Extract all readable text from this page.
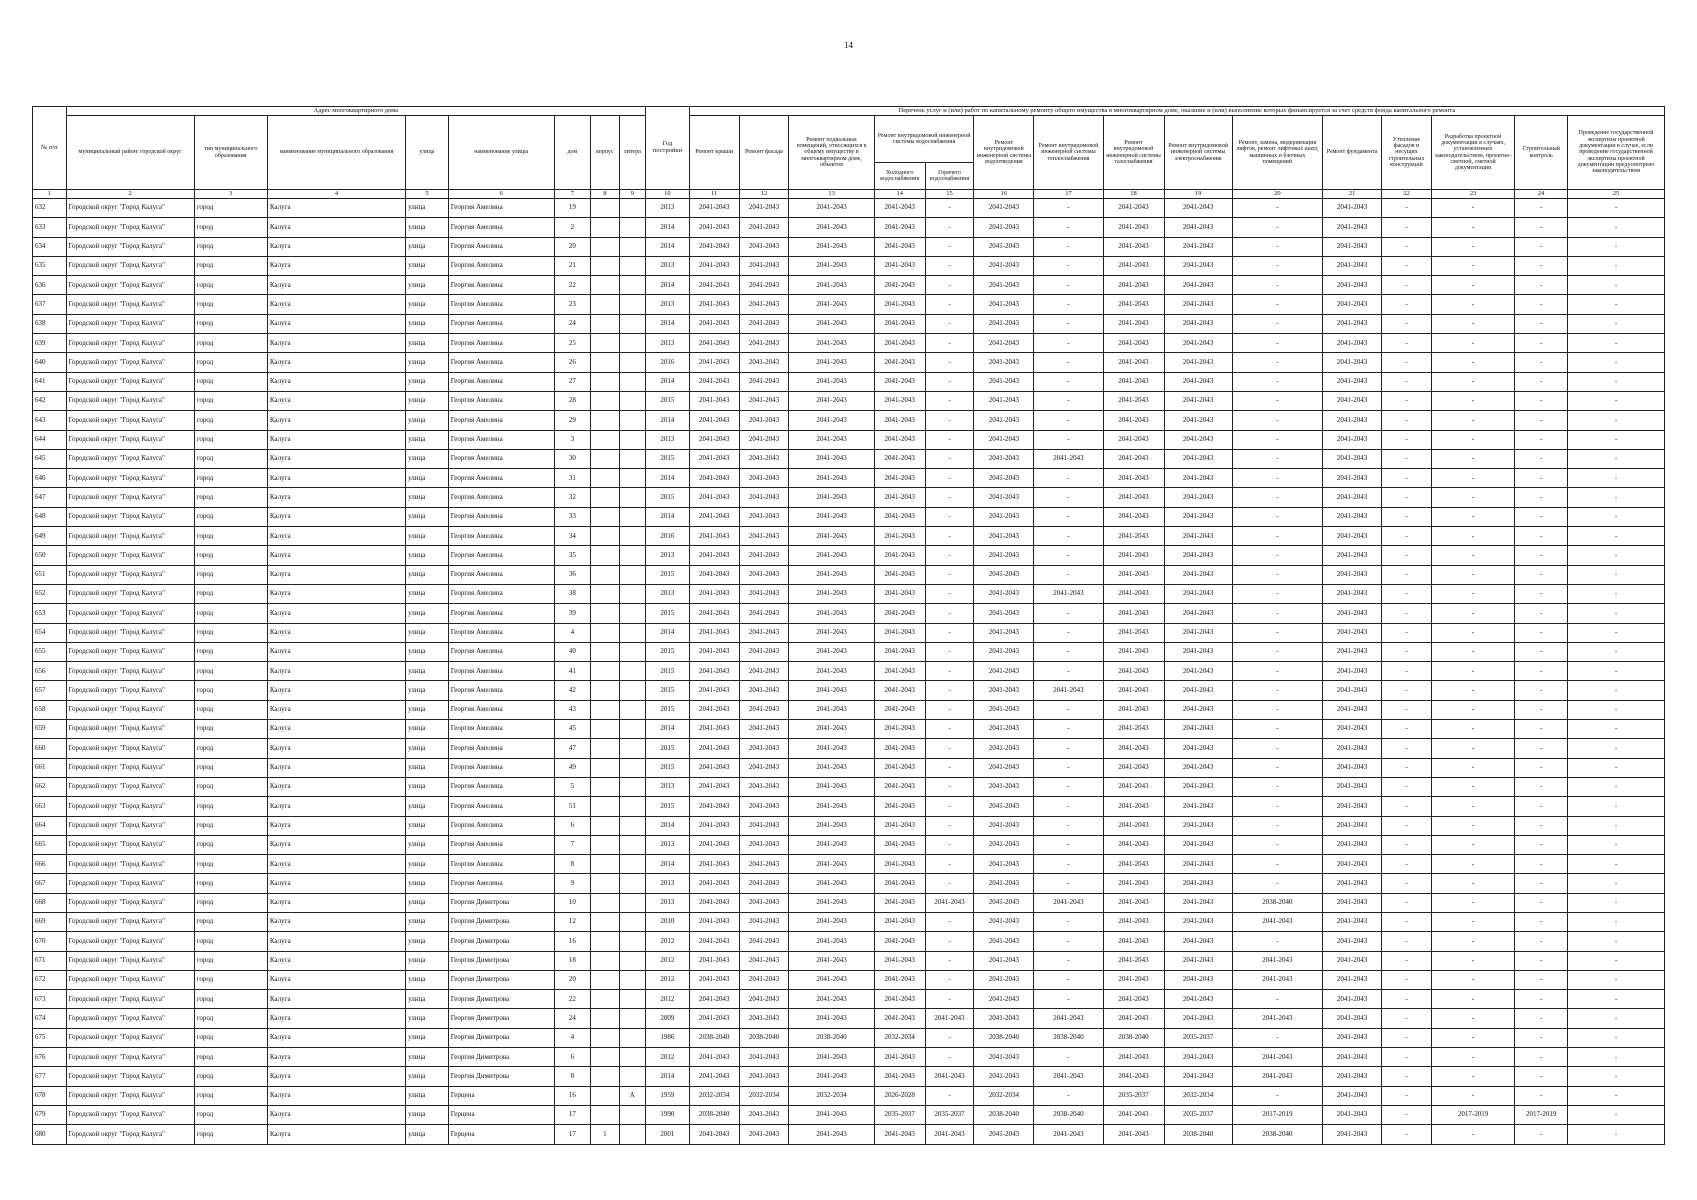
14
№ п/п	Адрес многоквартирного дома								Год постройки	Перечень услуг и (или) работ по капитальному ремонту общего имущества в многоквартирном доме, оказание и (или) выполнение которых финансируется за счет средств фонда капитального ремонта														
	муниципальный район/ городской округ	тип муниципального образования	наименование муниципального образования	улица	наименование улицы	дом	корпус	литера		Ремонт крыши	Ремонт фасада	Ремонт подвальных помещений, относящихся к общему имуществу в многоквартирном доме, объектов	Ремонт внутридомовой инженерной системы водоснабжения		Ремонт внутридомовой инженерной системы водоотведения	Ремонт внутридомовой инженерной системы теплоснабжения	Ремонт внутридомовой инженерной системы газоснабжения	Ремонт внутридомовой инженерной системы электроснабжения	Ремонт, замена, модернизация лифтов, ремонт лифтовых шахт, машинных и блочных помещений	Ремонт фундамента	Утепление фасадов и несущих строительных конструкций	Разработка проектной документации в случаях, установленных законодательством, проектно-сметной, сметной документации	Строительный контроль	Проведение государственной экспертизы проектной документации в случае, если проведение государственной экспертизы проектной документации предусмотрено законодательством
													Холодного водоснабжения	Горячего водоснабжения										
1	2	3	4	5	6	7	8	9	10	11	12	13	14	15	16	17	18	19	20	21	22	23	24	25
632	Городской округ "Город Калуга"	город	Калуга	улица	Георгия Амелина	19			2013	2041-2043	2041-2043	2041-2043	2041-2043	-	2041-2043	-	2041-2043	2041-2043	-	2041-2043	-	-	-	-
633	Городской округ "Город Калуга"	город	Калуга	улица	Георгия Амелина	2			2014	2041-2043	2041-2043	2041-2043	2041-2043	-	2041-2043	-	2041-2043	2041-2043	-	2041-2043	-	-	-	-
634	Городской округ "Город Калуга"	город	Калуга	улица	Георгия Амелина	20			2014	2041-2043	2041-2043	2041-2043	2041-2043	-	2041-2043	-	2041-2043	2041-2043	-	2041-2043	-	-	-	-
635	Городской округ "Город Калуга"	город	Калуга	улица	Георгия Амелина	21			2013	2041-2043	2041-2043	2041-2043	2041-2043	-	2041-2043	-	2041-2043	2041-2043	-	2041-2043	-	-	-	-
636	Городской округ "Город Калуга"	город	Калуга	улица	Георгия Амелина	22			2014	2041-2043	2041-2043	2041-2043	2041-2043	-	2041-2043	-	2041-2043	2041-2043	-	2041-2043	-	-	-	-
637	Городской округ "Город Калуга"	город	Калуга	улица	Георгия Амелина	23			2013	2041-2043	2041-2043	2041-2043	2041-2043	-	2041-2043	-	2041-2043	2041-2043	-	2041-2043	-	-	-	-
638	Городской округ "Город Калуга"	город	Калуга	улица	Георгия Амелина	24			2014	2041-2043	2041-2043	2041-2043	2041-2043	-	2041-2043	-	2041-2043	2041-2043	-	2041-2043	-	-	-	-
639	Городской округ "Город Калуга"	город	Калуга	улица	Георгия Амелина	25			2013	2041-2043	2041-2043	2041-2043	2041-2043	-	2041-2043	-	2041-2043	2041-2043	-	2041-2043	-	-	-	-
640	Городской округ "Город Калуга"	город	Калуга	улица	Георгия Амелина	26			2016	2041-2043	2041-2043	2041-2043	2041-2043	-	2041-2043	-	2041-2043	2041-2043	-	2041-2043	-	-	-	-
641	Городской округ "Город Калуга"	город	Калуга	улица	Георгия Амелина	27			2014	2041-2043	2041-2043	2041-2043	2041-2043	-	2041-2043	-	2041-2043	2041-2043	-	2041-2043	-	-	-	-
642	Городской округ "Город Калуга"	город	Калуга	улица	Георгия Амелина	28			2015	2041-2043	2041-2043	2041-2043	2041-2043	-	2041-2043	-	2041-2043	2041-2043	-	2041-2043	-	-	-	-
643	Городской округ "Город Калуга"	город	Калуга	улица	Георгия Амелина	29			2014	2041-2043	2041-2043	2041-2043	2041-2043	-	2041-2043	-	2041-2043	2041-2043	-	2041-2043	-	-	-	-
644	Городской округ "Город Калуга"	город	Калуга	улица	Георгия Амелина	3			2013	2041-2043	2041-2043	2041-2043	2041-2043	-	2041-2043	-	2041-2043	2041-2043	-	2041-2043	-	-	-	-
645	Городской округ "Город Калуга"	город	Калуга	улица	Георгия Амелина	30			2015	2041-2043	2041-2043	2041-2043	2041-2043	-	2041-2043	2041-2043	2041-2043	2041-2043	-	2041-2043	-	-	-	-
646	Городской округ "Город Калуга"	город	Калуга	улица	Георгия Амелина	31			2014	2041-2043	2041-2043	2041-2043	2041-2043	-	2041-2043	-	2041-2043	2041-2043	-	2041-2043	-	-	-	-
647	Городской округ "Город Калуга"	город	Калуга	улица	Георгия Амелина	32			2015	2041-2043	2041-2043	2041-2043	2041-2043	-	2041-2043	-	2041-2043	2041-2043	-	2041-2043	-	-	-	-
648	Городской округ "Город Калуга"	город	Калуга	улица	Георгия Амелина	33			2014	2041-2043	2041-2043	2041-2043	2041-2043	-	2041-2043	-	2041-2043	2041-2043	-	2041-2043	-	-	-	-
649	Городской округ "Город Калуга"	город	Калуга	улица	Георгия Амелина	34			2016	2041-2043	2041-2043	2041-2043	2041-2043	-	2041-2043	-	2041-2043	2041-2043	-	2041-2043	-	-	-	-
650	Городской округ "Город Калуга"	город	Калуга	улица	Георгия Амелина	35			2013	2041-2043	2041-2043	2041-2043	2041-2043	-	2041-2043	-	2041-2043	2041-2043	-	2041-2043	-	-	-	-
651	Городской округ "Город Калуга"	город	Калуга	улица	Георгия Амелина	36			2015	2041-2043	2041-2043	2041-2043	2041-2043	-	2041-2043	-	2041-2043	2041-2043	-	2041-2043	-	-	-	-
652	Городской округ "Город Калуга"	город	Калуга	улица	Георгия Амелина	38			2013	2041-2043	2041-2043	2041-2043	2041-2043	-	2041-2043	2041-2043	2041-2043	2041-2043	-	2041-2043	-	-	-	-
653	Городской округ "Город Калуга"	город	Калуга	улица	Георгия Амелина	39			2015	2041-2043	2041-2043	2041-2043	2041-2043	-	2041-2043	-	2041-2043	2041-2043	-	2041-2043	-	-	-	-
654	Городской округ "Город Калуга"	город	Калуга	улица	Георгия Амелина	4			2014	2041-2043	2041-2043	2041-2043	2041-2043	-	2041-2043	-	2041-2043	2041-2043	-	2041-2043	-	-	-	-
655	Городской округ "Город Калуга"	город	Калуга	улица	Георгия Амелина	40			2015	2041-2043	2041-2043	2041-2043	2041-2043	-	2041-2043	-	2041-2043	2041-2043	-	2041-2043	-	-	-	-
656	Городской округ "Город Калуга"	город	Калуга	улица	Георгия Амелина	41			2015	2041-2043	2041-2043	2041-2043	2041-2043	-	2041-2043	-	2041-2043	2041-2043	-	2041-2043	-	-	-	-
657	Городской округ "Город Калуга"	город	Калуга	улица	Георгия Амелина	42			2015	2041-2043	2041-2043	2041-2043	2041-2043	-	2041-2043	2041-2043	2041-2043	2041-2043	-	2041-2043	-	-	-	-
658	Городской округ "Город Калуга"	город	Калуга	улица	Георгия Амелина	43			2015	2041-2043	2041-2043	2041-2043	2041-2043	-	2041-2043	-	2041-2043	2041-2043	-	2041-2043	-	-	-	-
659	Городской округ "Город Калуга"	город	Калуга	улица	Георгия Амелина	45			2014	2041-2043	2041-2043	2041-2043	2041-2043	-	2041-2043	-	2041-2043	2041-2043	-	2041-2043	-	-	-	-
660	Городской округ "Город Калуга"	город	Калуга	улица	Георгия Амелина	47			2015	2041-2043	2041-2043	2041-2043	2041-2043	-	2041-2043	-	2041-2043	2041-2043	-	2041-2043	-	-	-	-
661	Городской округ "Город Калуга"	город	Калуга	улица	Георгия Амелина	49			2015	2041-2043	2041-2043	2041-2043	2041-2043	-	2041-2043	-	2041-2043	2041-2043	-	2041-2043	-	-	-	-
662	Городской округ "Город Калуга"	город	Калуга	улица	Георгия Амелина	5			2013	2041-2043	2041-2043	2041-2043	2041-2043	-	2041-2043	-	2041-2043	2041-2043	-	2041-2043	-	-	-	-
663	Городской округ "Город Калуга"	город	Калуга	улица	Георгия Амелина	51			2015	2041-2043	2041-2043	2041-2043	2041-2043	-	2041-2043	-	2041-2043	2041-2043	-	2041-2043	-	-	-	-
664	Городской округ "Город Калуга"	город	Калуга	улица	Георгия Амелина	6			2014	2041-2043	2041-2043	2041-2043	2041-2043	-	2041-2043	-	2041-2043	2041-2043	-	2041-2043	-	-	-	-
665	Городской округ "Город Калуга"	город	Калуга	улица	Георгия Амелина	7			2013	2041-2043	2041-2043	2041-2043	2041-2043	-	2041-2043	-	2041-2043	2041-2043	-	2041-2043	-	-	-	-
666	Городской округ "Город Калуга"	город	Калуга	улица	Георгия Амелина	8			2014	2041-2043	2041-2043	2041-2043	2041-2043	-	2041-2043	-	2041-2043	2041-2043	-	2041-2043	-	-	-	-
667	Городской округ "Город Калуга"	город	Калуга	улица	Георгия Амелина	9			2013	2041-2043	2041-2043	2041-2043	2041-2043	-	2041-2043	-	2041-2043	2041-2043	-	2041-2043	-	-	-	-
668	Городской округ "Город Калуга"	город	Калуга	улица	Георгия Димитрова	10			2013	2041-2043	2041-2043	2041-2043	2041-2043	2041-2043	2041-2043	2041-2043	2041-2043	2041-2043	2038-2040	2041-2043	-	-	-	-
669	Городской округ "Город Калуга"	город	Калуга	улица	Георгия Димитрова	12			2010	2041-2043	2041-2043	2041-2043	2041-2043	-	2041-2043	-	2041-2043	2041-2043	2041-2043	2041-2043	-	-	-	-
670	Городской округ "Город Калуга"	город	Калуга	улица	Георгия Димитрова	16			2012	2041-2043	2041-2043	2041-2043	2041-2043	-	2041-2043	-	2041-2043	2041-2043	-	2041-2043	-	-	-	-
671	Городской округ "Город Калуга"	город	Калуга	улица	Георгия Димитрова	18			2012	2041-2043	2041-2043	2041-2043	2041-2043	-	2041-2043	-	2041-2043	2041-2043	2041-2043	2041-2043	-	-	-	-
672	Городской округ "Город Калуга"	город	Калуга	улица	Георгия Димитрова	20			2012	2041-2043	2041-2043	2041-2043	2041-2043	-	2041-2043	-	2041-2043	2041-2043	2041-2043	2041-2043	-	-	-	-
673	Городской округ "Город Калуга"	город	Калуга	улица	Георгия Димитрова	22			2012	2041-2043	2041-2043	2041-2043	2041-2043	-	2041-2043	-	2041-2043	2041-2043	-	2041-2043	-	-	-	-
674	Городской округ "Город Калуга"	город	Калуга	улица	Георгия Димитрова	24			2009	2041-2043	2041-2043	2041-2043	2041-2043	2041-2043	2041-2043	2041-2043	2041-2043	2041-2043	2041-2043	2041-2043	-	-	-	-
675	Городской округ "Город Калуга"	город	Калуга	улица	Георгия Димитрова	4			1986	2038-2040	2038-2040	2038-2040	2032-2034	-	2038-2040	2038-2040	2038-2040	2035-2037	-	2041-2043	-	-	-	-
676	Городской округ "Город Калуга"	город	Калуга	улица	Георгия Димитрова	6			2012	2041-2043	2041-2043	2041-2043	2041-2043	-	2041-2043	-	2041-2043	2041-2043	2041-2043	2041-2043	-	-	-	-
677	Городской округ "Город Калуга"	город	Калуга	улица	Георгия Димитрова	8			2014	2041-2043	2041-2043	2041-2043	2041-2043	2041-2043	2041-2043	2041-2043	2041-2043	2041-2043	2041-2043	2041-2043	-	-	-	-
678	Городской округ "Город Калуга"	город	Калуга	улица	Герцена	16		А	1959	2032-2034	2032-2034	2032-2034	2026-2028	-	2032-2034	-	2035-2037	2032-2034	-	2041-2043	-	-	-	-
679	Городской округ "Город Калуга"	город	Калуга	улица	Герцена	17			1990	2038-2040	2041-2043	2041-2043	2035-2037	2035-2037	2038-2040	2038-2040	2041-2043	2035-2037	2017-2019	2041-2043	-	2017-2019	2017-2019	-
680	Городской округ "Город Калуга"	город	Калуга	улица	Герцена	17	1		2001	2041-2043	2041-2043	2041-2043	2041-2043	2041-2043	2041-2043	2041-2043	2041-2043	2038-2040	2038-2040	2041-2043	-	-	-	-
